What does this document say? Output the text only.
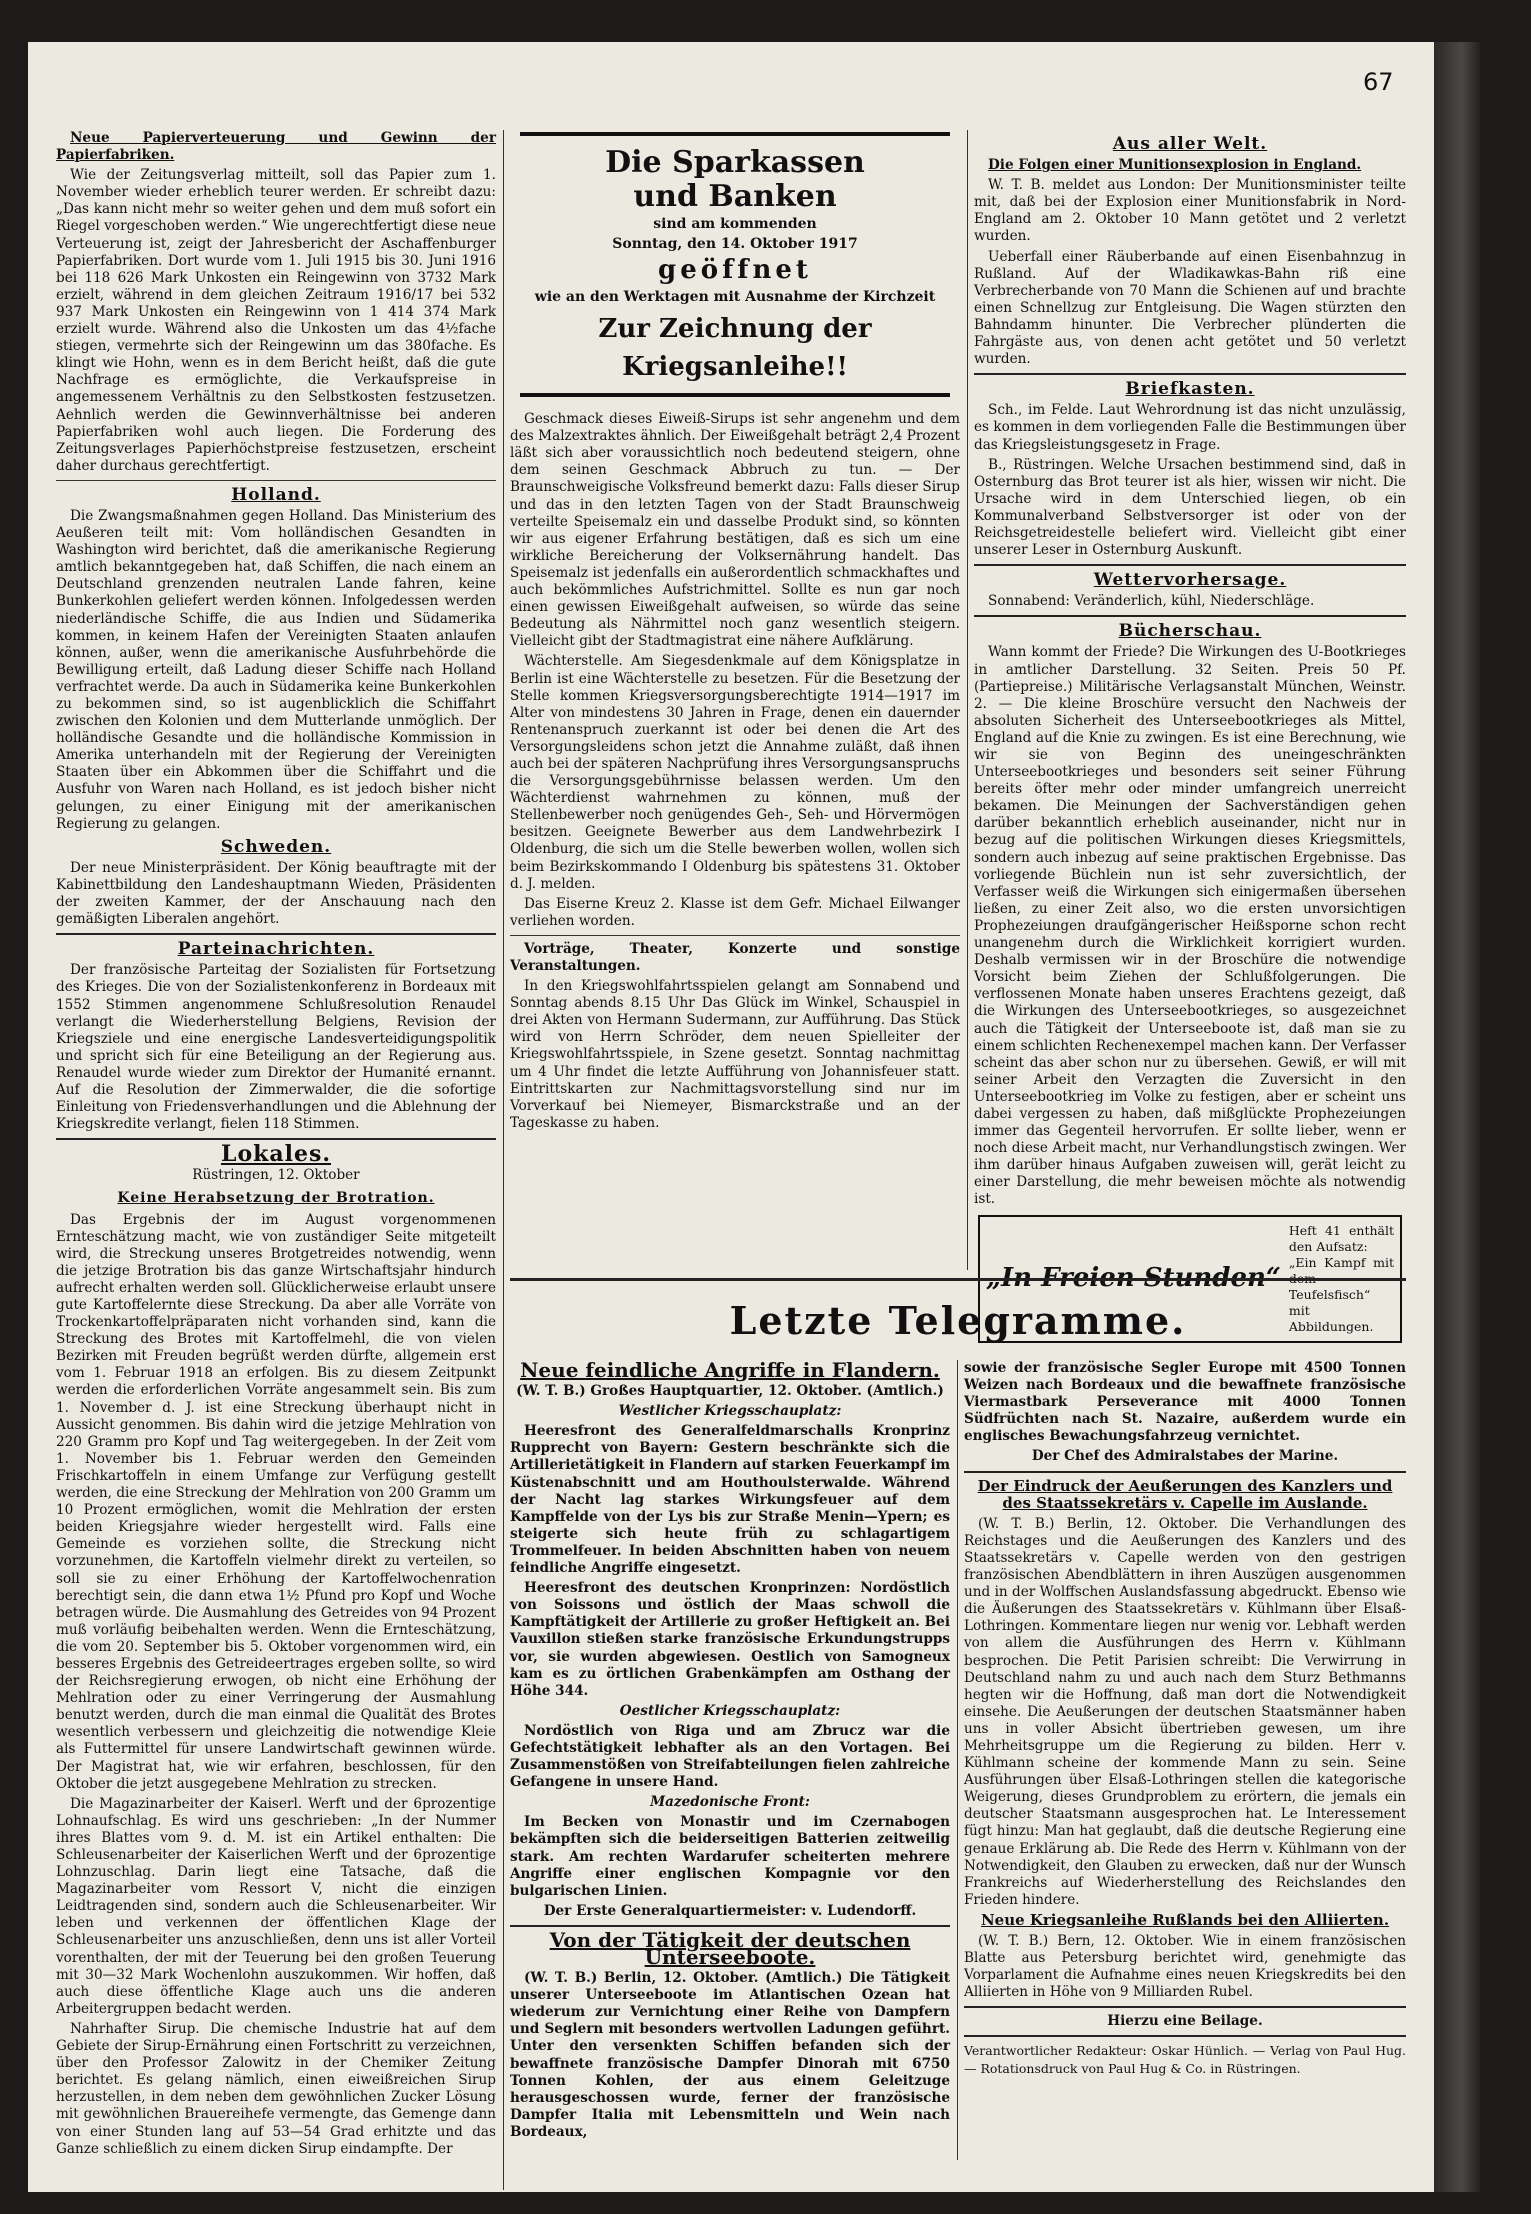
67

Neue Papierverteuerung und Gewinn der Papierfabriken.

Wie der Zeitungsverlag mitteilt, soll das Papier zum 1. November wieder erheblich teurer werden. Er schreibt dazu: „Das kann nicht mehr so weiter gehen und dem muß sofort ein Riegel vorgeschoben werden.“ Wie ungerechtfertigt diese neue Verteuerung ist, zeigt der Jahresbericht der Aschaffenburger Papierfabriken. Dort wurde vom 1. Juli 1915 bis 30. Juni 1916 bei 118 626 Mark Unkosten ein Reingewinn von 3732 Mark erzielt, während in dem gleichen Zeitraum 1916/17 bei 532 937 Mark Unkosten ein Reingewinn von 1 414 374 Mark erzielt wurde. Während also die Unkosten um das 4½fache stiegen, vermehrte sich der Reingewinn um das 380fache. Es klingt wie Hohn, wenn es in dem Bericht heißt, daß die gute Nachfrage es ermöglichte, die Verkaufspreise in angemessenem Verhältnis zu den Selbstkosten festzusetzen. Aehnlich werden die Gewinnverhältnisse bei anderen Papierfabriken wohl auch liegen. Die Forderung des Zeitungsverlages Papierhöchstpreise festzusetzen, erscheint daher durchaus gerechtfertigt.

Holland.

Die Zwangsmaßnahmen gegen Holland. Das Ministerium des Aeußeren teilt mit: Vom holländischen Gesandten in Washington wird berichtet, daß die amerikanische Regierung amtlich bekanntgegeben hat, daß Schiffen, die nach einem an Deutschland grenzenden neutralen Lande fahren, keine Bunkerkohlen geliefert werden können. Infolgedessen werden niederländische Schiffe, die aus Indien und Südamerika kommen, in keinem Hafen der Vereinigten Staaten anlaufen können, außer, wenn die amerikanische Ausfuhrbehörde die Bewilligung erteilt, daß Ladung dieser Schiffe nach Holland verfrachtet werde. Da auch in Südamerika keine Bunkerkohlen zu bekommen sind, so ist augenblicklich die Schiffahrt zwischen den Kolonien und dem Mutterlande unmöglich. Der holländische Gesandte und die holländische Kommission in Amerika unterhandeln mit der Regierung der Vereinigten Staaten über ein Abkommen über die Schiffahrt und die Ausfuhr von Waren nach Holland, es ist jedoch bisher nicht gelungen, zu einer Einigung mit der amerikanischen Regierung zu gelangen.

Schweden.

Der neue Ministerpräsident. Der König beauftragte mit der Kabinettbildung den Landeshauptmann Wieden, Präsidenten der zweiten Kammer, der der Anschauung nach den gemäßigten Liberalen angehört.

Parteinachrichten.

Der französische Parteitag der Sozialisten für Fortsetzung des Krieges. Die von der Sozialistenkonferenz in Bordeaux mit 1552 Stimmen angenommene Schlußresolution Renaudel verlangt die Wiederherstellung Belgiens, Revision der Kriegsziele und eine energische Landesverteidigungspolitik und spricht sich für eine Beteiligung an der Regierung aus. Renaudel wurde wieder zum Direktor der Humanité ernannt. Auf die Resolution der Zimmerwalder, die die sofortige Einleitung von Friedensverhandlungen und die Ablehnung der Kriegskredite verlangt, fielen 118 Stimmen.

Lokales.

Rüstringen, 12. Oktober

Keine Herabsetzung der Brotration.

Das Ergebnis der im August vorgenommenen Ernteschätzung macht, wie von zuständiger Seite mitgeteilt wird, die Streckung unseres Brotgetreides notwendig, wenn die jetzige Brotration bis das ganze Wirtschaftsjahr hindurch aufrecht erhalten werden soll. Glücklicherweise erlaubt unsere gute Kartoffelernte diese Streckung. Da aber alle Vorräte von Trockenkartoffelpräparaten nicht vorhanden sind, kann die Streckung des Brotes mit Kartoffelmehl, die von vielen Bezirken mit Freuden begrüßt werden dürfte, allgemein erst vom 1. Februar 1918 an erfolgen. Bis zu diesem Zeitpunkt werden die erforderlichen Vorräte angesammelt sein. Bis zum 1. November d. J. ist eine Streckung überhaupt nicht in Aussicht genommen. Bis dahin wird die jetzige Mehlration von 220 Gramm pro Kopf und Tag weitergegeben. In der Zeit vom 1. November bis 1. Februar werden den Gemeinden Frischkartoffeln in einem Umfange zur Verfügung gestellt werden, die eine Streckung der Mehlration von 200 Gramm um 10 Prozent ermöglichen, womit die Mehlration der ersten beiden Kriegsjahre wieder hergestellt wird. Falls eine Gemeinde es vorziehen sollte, die Streckung nicht vorzunehmen, die Kartoffeln vielmehr direkt zu verteilen, so soll sie zu einer Erhöhung der Kartoffelwochenration berechtigt sein, die dann etwa 1½ Pfund pro Kopf und Woche betragen würde. Die Ausmahlung des Getreides von 94 Prozent muß vorläufig beibehalten werden. Wenn die Ernteschätzung, die vom 20. September bis 5. Oktober vorgenommen wird, ein besseres Ergebnis des Getreideertrages ergeben sollte, so wird der Reichsregierung erwogen, ob nicht eine Erhöhung der Mehlration oder zu einer Verringerung der Ausmahlung benutzt werden, durch die man einmal die Qualität des Brotes wesentlich verbessern und gleichzeitig die notwendige Kleie als Futtermittel für unsere Landwirtschaft gewinnen würde. Der Magistrat hat, wie wir erfahren, beschlossen, für den Oktober die jetzt ausgegebene Mehlration zu strecken.

Die Magazinarbeiter der Kaiserl. Werft und der 6prozentige Lohnaufschlag. Es wird uns geschrieben: „In der Nummer ihres Blattes vom 9. d. M. ist ein Artikel enthalten: Die Schleusenarbeiter der Kaiserlichen Werft und der 6prozentige Lohnzuschlag. Darin liegt eine Tatsache, daß die Magazinarbeiter vom Ressort V, nicht die einzigen Leidtragenden sind, sondern auch die Schleusenarbeiter. Wir leben und verkennen der öffentlichen Klage der Schleusenarbeiter uns anzuschließen, denn uns ist aller Vorteil vorenthalten, der mit der Teuerung bei den großen Teuerung mit 30—32 Mark Wochenlohn auszukommen. Wir hoffen, daß auch diese öffentliche Klage auch uns die anderen Arbeitergruppen bedacht werden.

Nahrhafter Sirup. Die chemische Industrie hat auf dem Gebiete der Sirup-Ernährung einen Fortschritt zu verzeichnen, über den Professor Zalowitz in der Chemiker Zeitung berichtet. Es gelang nämlich, einen eiweißreichen Sirup herzustellen, in dem neben dem gewöhnlichen Zucker Lösung mit gewöhnlichen Brauereihefe vermengte, das Gemenge dann von einer Stunden lang auf 53—54 Grad erhitzte und das Ganze schließlich zu einem dicken Sirup eindampfte. Der

Die Sparkassen
und Banken
sind am kommenden
Sonntag, den 14. Oktober 1917
geöffnet
wie an den Werktagen mit Ausnahme der Kirchzeit
Zur Zeichnung der
Kriegsanleihe!!

Geschmack dieses Eiweiß-Sirups ist sehr angenehm und dem des Malzextraktes ähnlich. Der Eiweißgehalt beträgt 2,4 Prozent läßt sich aber voraussichtlich noch bedeutend steigern, ohne dem seinen Geschmack Abbruch zu tun. — Der Braunschweigische Volksfreund bemerkt dazu: Falls dieser Sirup und das in den letzten Tagen von der Stadt Braunschweig verteilte Speisemalz ein und dasselbe Produkt sind, so könnten wir aus eigener Erfahrung bestätigen, daß es sich um eine wirkliche Bereicherung der Volksernährung handelt. Das Speisemalz ist jedenfalls ein außerordentlich schmackhaftes und auch bekömmliches Aufstrichmittel. Sollte es nun gar noch einen gewissen Eiweißgehalt aufweisen, so würde das seine Bedeutung als Nährmittel noch ganz wesentlich steigern. Vielleicht gibt der Stadtmagistrat eine nähere Aufklärung.

Wächterstelle. Am Siegesdenkmale auf dem Königsplatze in Berlin ist eine Wächterstelle zu besetzen. Für die Besetzung der Stelle kommen Kriegsversorgungsberechtigte 1914—1917 im Alter von mindestens 30 Jahren in Frage, denen ein dauernder Rentenanspruch zuerkannt ist oder bei denen die Art des Versorgungsleidens schon jetzt die Annahme zuläßt, daß ihnen auch bei der späteren Nachprüfung ihres Versorgungsanspruchs die Versorgungsgebührnisse belassen werden. Um den Wächterdienst wahrnehmen zu können, muß der Stellenbewerber noch genügendes Geh-, Seh- und Hörvermögen besitzen. Geeignete Bewerber aus dem Landwehrbezirk I Oldenburg, die sich um die Stelle bewerben wollen, wollen sich beim Bezirkskommando I Oldenburg bis spätestens 31. Oktober d. J. melden.

Das Eiserne Kreuz 2. Klasse ist dem Gefr. Michael Eilwanger verliehen worden.

Vorträge, Theater, Konzerte und sonstige Veranstaltungen.

In den Kriegswohlfahrtsspielen gelangt am Sonnabend und Sonntag abends 8.15 Uhr Das Glück im Winkel, Schauspiel in drei Akten von Hermann Sudermann, zur Aufführung. Das Stück wird von Herrn Schröder, dem neuen Spielleiter der Kriegswohlfahrtsspiele, in Szene gesetzt. Sonntag nachmittag um 4 Uhr findet die letzte Aufführung von Johannisfeuer statt. Eintrittskarten zur Nachmittagsvorstellung sind nur im Vorverkauf bei Niemeyer, Bismarckstraße und an der Tageskasse zu haben.

Aus aller Welt.

Die Folgen einer Munitionsexplosion in England.

W. T. B. meldet aus London: Der Munitionsminister teilte mit, daß bei der Explosion einer Munitionsfabrik in Nord-England am 2. Oktober 10 Mann getötet und 2 verletzt wurden.

Ueberfall einer Räuberbande auf einen Eisenbahnzug in Rußland. Auf der Wladikawkas-Bahn riß eine Verbrecherbande von 70 Mann die Schienen auf und brachte einen Schnellzug zur Entgleisung. Die Wagen stürzten den Bahndamm hinunter. Die Verbrecher plünderten die Fahrgäste aus, von denen acht getötet und 50 verletzt wurden.

Briefkasten.

Sch., im Felde. Laut Wehrordnung ist das nicht unzulässig, es kommen in dem vorliegenden Falle die Bestimmungen über das Kriegsleistungsgesetz in Frage.

B., Rüstringen. Welche Ursachen bestimmend sind, daß in Osternburg das Brot teurer ist als hier, wissen wir nicht. Die Ursache wird in dem Unterschied liegen, ob ein Kommunalverband Selbstversorger ist oder von der Reichsgetreidestelle beliefert wird. Vielleicht gibt einer unserer Leser in Osternburg Auskunft.

Wettervorhersage.

Sonnabend: Veränderlich, kühl, Niederschläge.

Bücherschau.

Wann kommt der Friede? Die Wirkungen des U-Bootkrieges in amtlicher Darstellung. 32 Seiten. Preis 50 Pf. (Partiepreise.) Militärische Verlagsanstalt München, Weinstr. 2. — Die kleine Broschüre versucht den Nachweis der absoluten Sicherheit des Unterseebootkrieges als Mittel, England auf die Knie zu zwingen. Es ist eine Berechnung, wie wir sie von Beginn des uneingeschränkten Unterseebootkrieges und besonders seit seiner Führung bereits öfter mehr oder minder umfangreich unerreicht bekamen. Die Meinungen der Sachverständigen gehen darüber bekanntlich erheblich auseinander, nicht nur in bezug auf die politischen Wirkungen dieses Kriegsmittels, sondern auch inbezug auf seine praktischen Ergebnisse. Das vorliegende Büchlein nun ist sehr zuversichtlich, der Verfasser weiß die Wirkungen sich einigermaßen übersehen ließen, zu einer Zeit also, wo die ersten unvorsichtigen Prophezeiungen draufgängerischer Heißsporne schon recht unangenehm durch die Wirklichkeit korrigiert wurden. Deshalb vermissen wir in der Broschüre die notwendige Vorsicht beim Ziehen der Schlußfolgerungen. Die verflossenen Monate haben unseres Erachtens gezeigt, daß die Wirkungen des Unterseebootkrieges, so ausgezeichnet auch die Tätigkeit der Unterseeboote ist, daß man sie zu einem schlichten Rechenexempel machen kann. Der Verfasser scheint das aber schon nur zu übersehen. Gewiß, er will mit seiner Arbeit den Verzagten die Zuversicht in den Unterseebootkrieg im Volke zu festigen, aber er scheint uns dabei vergessen zu haben, daß mißglückte Prophezeiungen immer das Gegenteil hervorrufen. Er sollte lieber, wenn er noch diese Arbeit macht, nur Verhandlungstisch zwingen. Wer ihm darüber hinaus Aufgaben zuweisen will, gerät leicht zu einer Darstellung, die mehr beweisen möchte als notwendig ist.

„In Freien Stunden“
Heft 41 enthält den Aufsatz:
„Ein Kampf mit dem Teufelsfisch“ mit Abbildungen.
Letzte Telegramme.
Neue feindliche Angriffe in Flandern.

(W. T. B.) Großes Hauptquartier, 12. Oktober. (Amtlich.)

Westlicher Kriegsschauplatz:

Heeresfront des Generalfeldmarschalls Kronprinz Rupprecht von Bayern: Gestern beschränkte sich die Artillerietätigkeit in Flandern auf starken Feuerkampf im Küstenabschnitt und am Houthoulsterwalde. Während der Nacht lag starkes Wirkungsfeuer auf dem Kampffelde von der Lys bis zur Straße Menin—Ypern; es steigerte sich heute früh zu schlagartigem Trommelfeuer. In beiden Abschnitten haben von neuem feindliche Angriffe eingesetzt.

Heeresfront des deutschen Kronprinzen: Nordöstlich von Soissons und östlich der Maas schwoll die Kampftätigkeit der Artillerie zu großer Heftigkeit an. Bei Vauxillon stießen starke französische Erkundungstrupps vor, sie wurden abgewiesen. Oestlich von Samogneux kam es zu örtlichen Grabenkämpfen am Osthang der Höhe 344.

Oestlicher Kriegsschauplatz:

Nordöstlich von Riga und am Zbrucz war die Gefechtstätigkeit lebhafter als an den Vortagen. Bei Zusammenstößen von Streifabteilungen fielen zahlreiche Gefangene in unsere Hand.

Mazedonische Front:

Im Becken von Monastir und im Czernabogen bekämpften sich die beiderseitigen Batterien zeitweilig stark. Am rechten Wardarufer scheiterten mehrere Angriffe einer englischen Kompagnie vor den bulgarischen Linien.

Der Erste Generalquartiermeister: v. Ludendorff.

Von der Tätigkeit der deutschen Unterseeboote.

(W. T. B.) Berlin, 12. Oktober. (Amtlich.) Die Tätigkeit unserer Unterseeboote im Atlantischen Ozean hat wiederum zur Vernichtung einer Reihe von Dampfern und Seglern mit besonders wertvollen Ladungen geführt. Unter den versenkten Schiffen befanden sich der bewaffnete französische Dampfer Dinorah mit 6750 Tonnen Kohlen, der aus einem Geleitzuge herausgeschossen wurde, ferner der französische Dampfer Italia mit Lebensmitteln und Wein nach Bordeaux,

sowie der französische Segler Europe mit 4500 Tonnen Weizen nach Bordeaux und die bewaffnete französische Viermastbark Perseverance mit 4000 Tonnen Südfrüchten nach St. Nazaire, außerdem wurde ein englisches Bewachungsfahrzeug vernichtet.

Der Chef des Admiralstabes der Marine.

Der Eindruck der Aeußerungen des Kanzlers und des Staatssekretärs v. Capelle im Auslande.

(W. T. B.) Berlin, 12. Oktober. Die Verhandlungen des Reichstages und die Aeußerungen des Kanzlers und des Staatssekretärs v. Capelle werden von den gestrigen französischen Abendblättern in ihren Auszügen ausgenommen und in der Wolffschen Auslandsfassung abgedruckt. Ebenso wie die Äußerungen des Staatssekretärs v. Kühlmann über Elsaß-Lothringen. Kommentare liegen nur wenig vor. Lebhaft werden von allem die Ausführungen des Herrn v. Kühlmann besprochen. Die Petit Parisien schreibt: Die Verwirrung in Deutschland nahm zu und auch nach dem Sturz Bethmanns hegten wir die Hoffnung, daß man dort die Notwendigkeit einsehe. Die Aeußerungen der deutschen Staatsmänner haben uns in voller Absicht übertrieben gewesen, um ihre Mehrheitsgruppe um die Regierung zu bilden. Herr v. Kühlmann scheine der kommende Mann zu sein. Seine Ausführungen über Elsaß-Lothringen stellen die kategorische Weigerung, dieses Grundproblem zu erörtern, die jemals ein deutscher Staatsmann ausgesprochen hat. Le Interessement fügt hinzu: Man hat geglaubt, daß die deutsche Regierung eine genaue Erklärung ab. Die Rede des Herrn v. Kühlmann von der Notwendigkeit, den Glauben zu erwecken, daß nur der Wunsch Frankreichs auf Wiederherstellung des Reichslandes den Frieden hindere.

Neue Kriegsanleihe Rußlands bei den Alliierten.

(W. T. B.) Bern, 12. Oktober. Wie in einem französischen Blatte aus Petersburg berichtet wird, genehmigte das Vorparlament die Aufnahme eines neuen Kriegskredits bei den Alliierten in Höhe von 9 Milliarden Rubel.

Hierzu eine Beilage.

Verantwortlicher Redakteur: Oskar Hünlich. — Verlag von Paul Hug. — Rotationsdruck von Paul Hug & Co. in Rüstringen.
